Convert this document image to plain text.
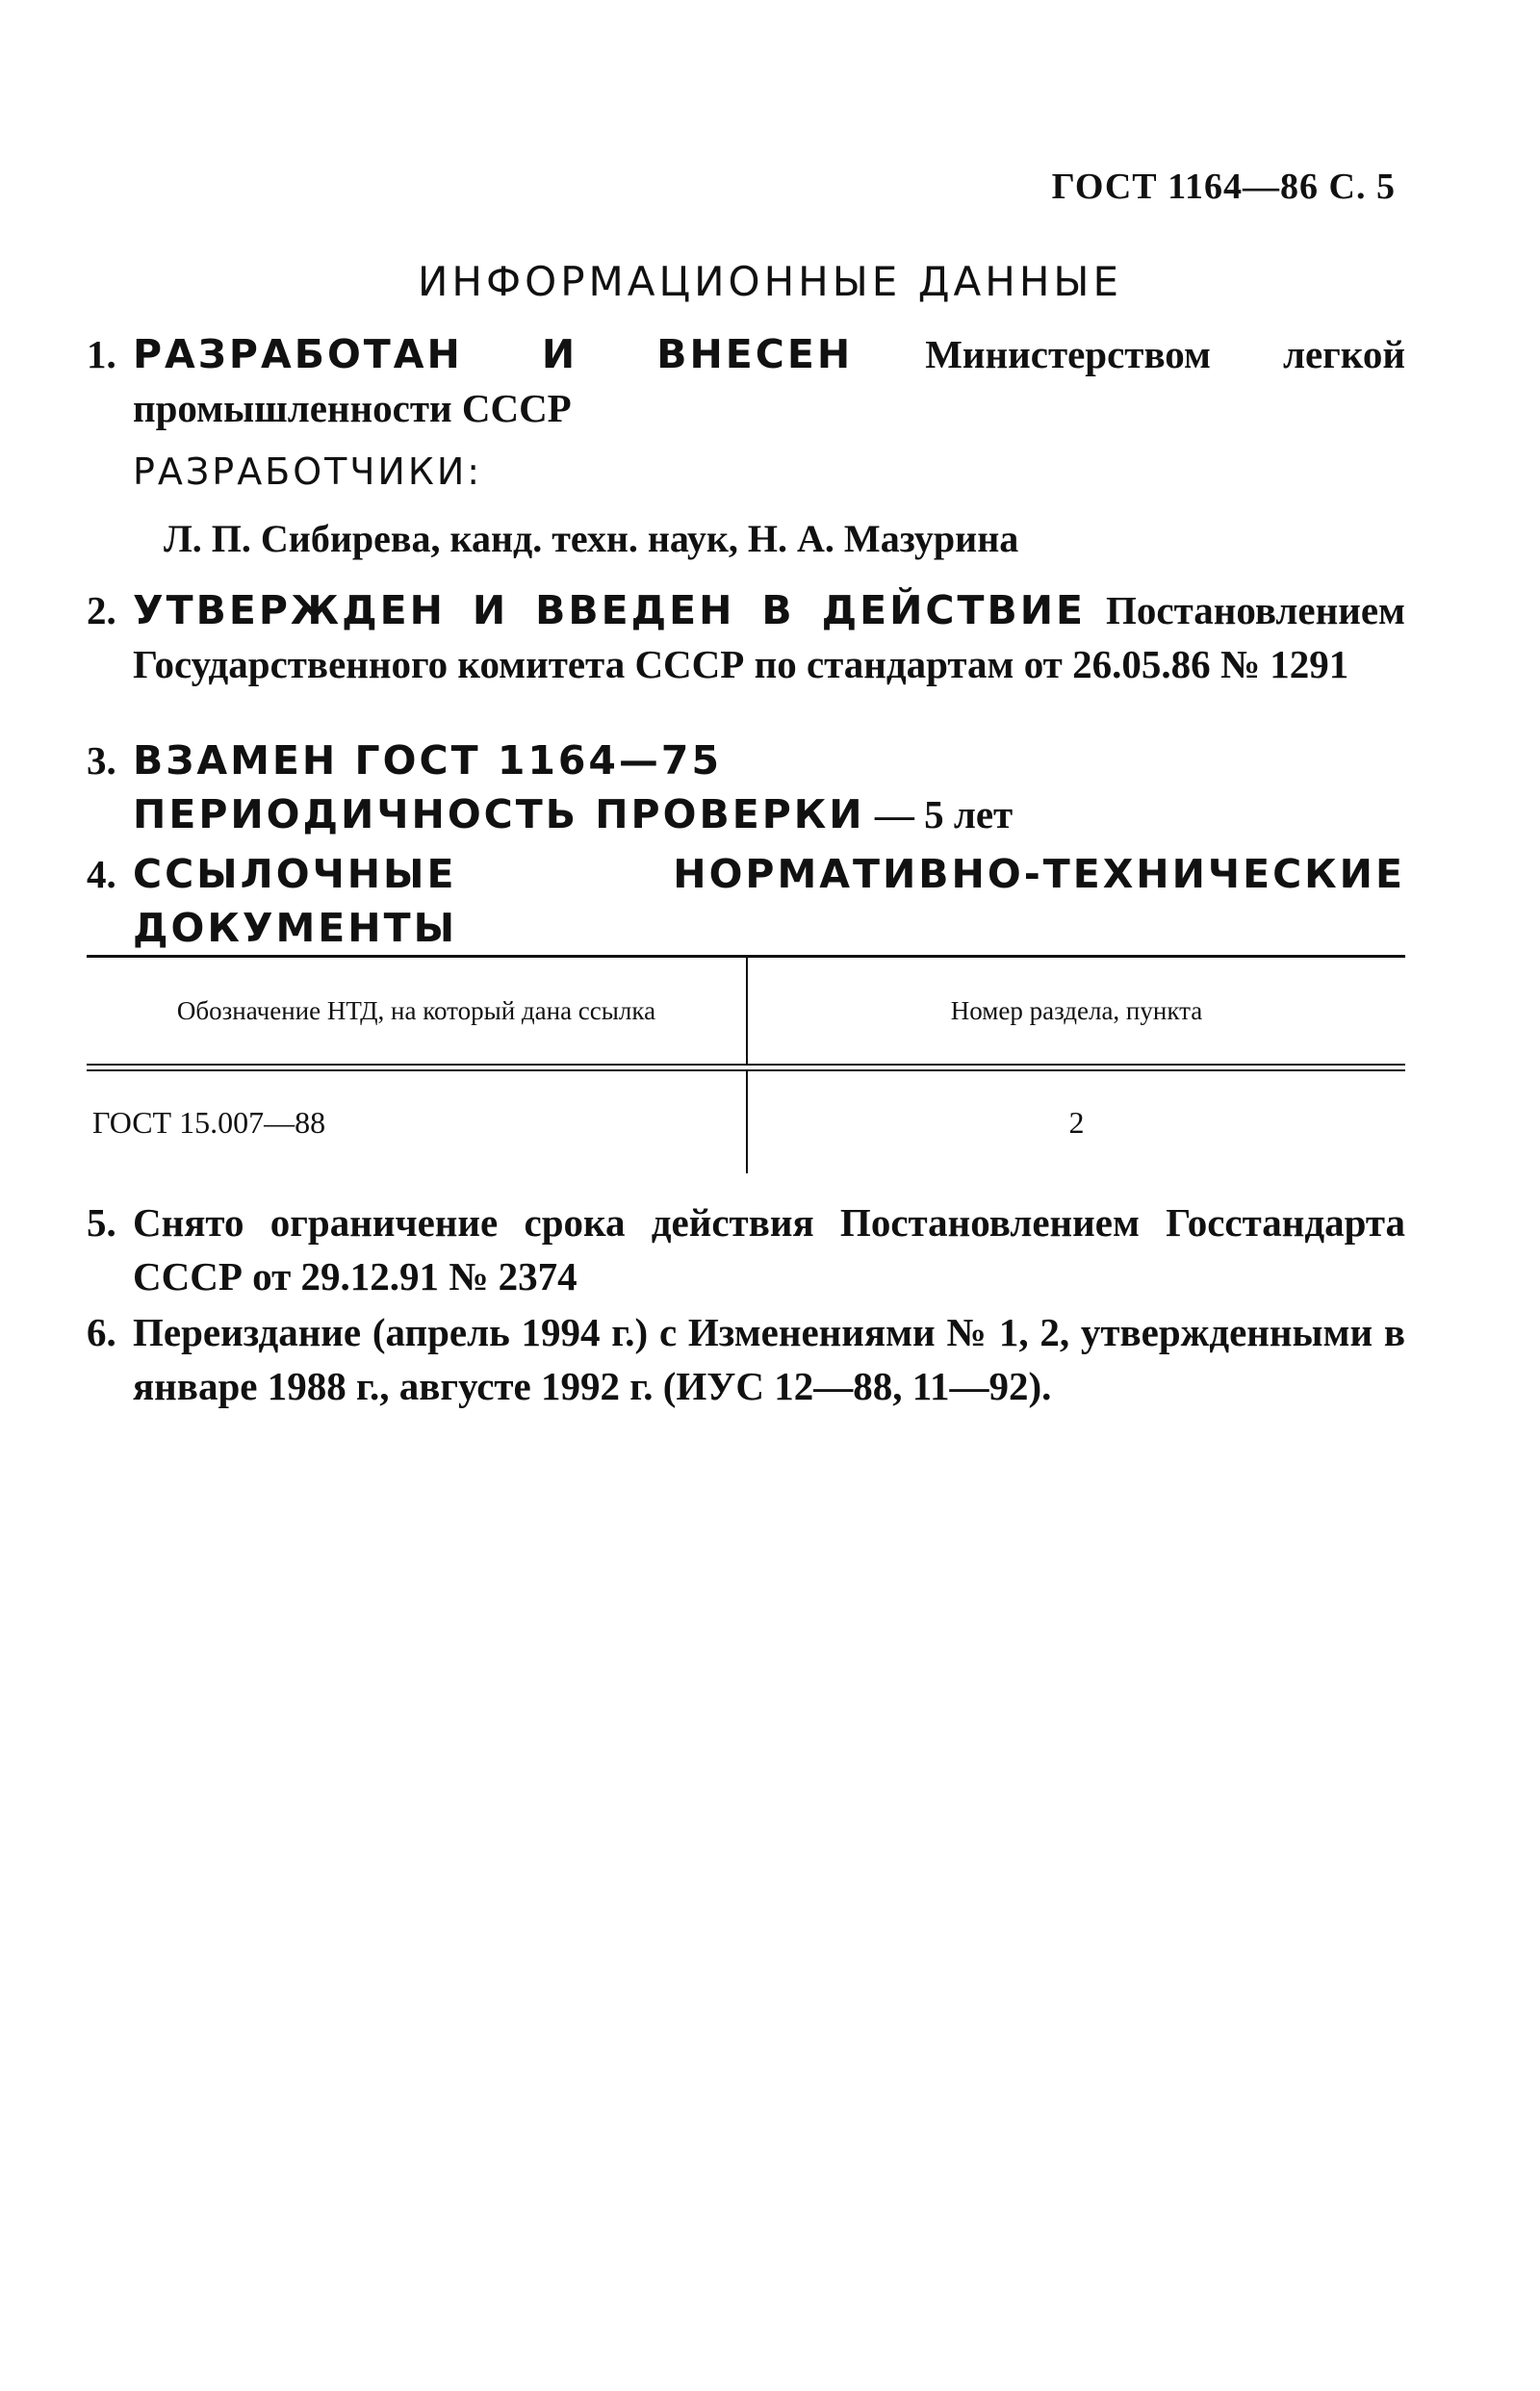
ГОСТ 1164—86 С. 5
ИНФОРМАЦИОННЫЕ ДАННЫЕ
1. РАЗРАБОТАН И ВНЕСЕН Министерством легкой промышленности СССР
РАЗРАБОТЧИКИ:
Л. П. Сибирева, канд. техн. наук, Н. А. Мазурина
2. УТВЕРЖДЕН И ВВЕДЕН В ДЕЙСТВИЕ Постановлением Государственного комитета СССР по стандартам от 26.05.86 № 1291
3. ВЗАМЕН ГОСТ 1164—75
ПЕРИОДИЧНОСТЬ ПРОВЕРКИ — 5 лет
4. ССЫЛОЧНЫЕ НОРМАТИВНО-ТЕХНИЧЕСКИЕ ДОКУМЕНТЫ
Обозначение НТД, на который дана ссылка	Номер раздела, пункта
ГОСТ 15.007—88	2
5. Снято ограничение срока действия Постановлением Госстандарта СССР от 29.12.91 № 2374
6. Переиздание (апрель 1994 г.) с Изменениями № 1, 2, утвержденными в январе 1988 г., августе 1992 г. (ИУС 12—88, 11—92).
